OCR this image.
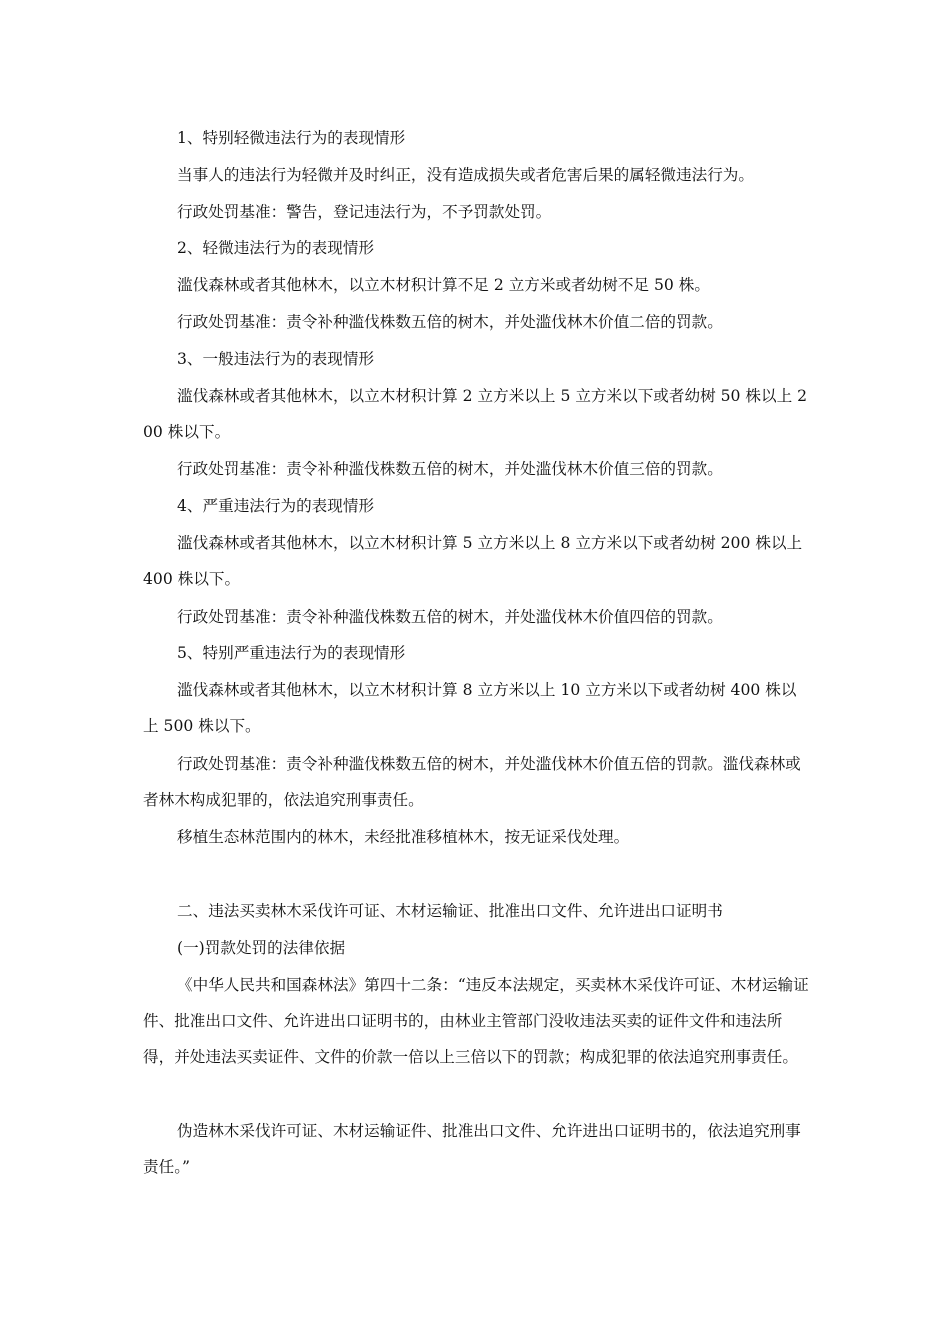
1、特别轻微违法行为的表现情形

当事人的违法行为轻微并及时纠正，没有造成损失或者危害后果的属轻微违法行为。

行政处罚基准：警告，登记违法行为，不予罚款处罚。

2、轻微违法行为的表现情形

滥伐森林或者其他林木，以立木材积计算不足 2 立方米或者幼树不足 50 株。

行政处罚基准：责令补种滥伐株数五倍的树木，并处滥伐林木价值二倍的罚款。

3、一般违法行为的表现情形

滥伐森林或者其他林木，以立木材积计算 2 立方米以上 5 立方米以下或者幼树 50 株以上 200 株以下。

行政处罚基准：责令补种滥伐株数五倍的树木，并处滥伐林木价值三倍的罚款。

4、严重违法行为的表现情形

滥伐森林或者其他林木，以立木材积计算 5 立方米以上 8 立方米以下或者幼树 200 株以上 400 株以下。

行政处罚基准：责令补种滥伐株数五倍的树木，并处滥伐林木价值四倍的罚款。

5、特别严重违法行为的表现情形

滥伐森林或者其他林木，以立木材积计算 8 立方米以上 10 立方米以下或者幼树 400 株以上 500 株以下。

行政处罚基准：责令补种滥伐株数五倍的树木，并处滥伐林木价值五倍的罚款。滥伐森林或者林木构成犯罪的，依法追究刑事责任。

移植生态林范围内的林木，未经批准移植林木，按无证采伐处理。

二、违法买卖林木采伐许可证、木材运输证、批准出口文件、允许进出口证明书

(一)罚款处罚的法律依据

《中华人民共和国森林法》第四十二条：“违反本法规定，买卖林木采伐许可证、木材运输证件、批准出口文件、允许进出口证明书的，由林业主管部门没收违法买卖的证件文件和违法所得，并处违法买卖证件、文件的价款一倍以上三倍以下的罚款；构成犯罪的依法追究刑事责任。

伪造林木采伐许可证、木材运输证件、批准出口文件、允许进出口证明书的，依法追究刑事责任。”
